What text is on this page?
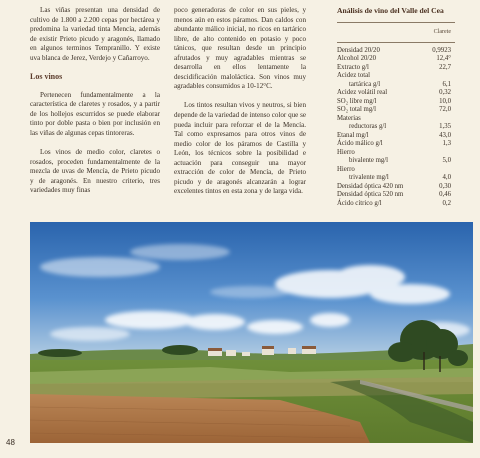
Las viñas presentan una densidad de cultivo de 1.800 a 2.200 cepas por hectárea y predomina la variedad tinta Mencía, además de existir Prieto picudo y aragonés, llamado en algunos terminos Tempranillo. Y existe uva blanca de Jerez, Verdejo y Cañarroyo.

Los vinos

Pertenecen fundamentalmente a la característica de claretes y rosados, y a partir de los hollejos escurridos se puede elaborar tinto por doble pasta o bien por inclusión en las viñas de algunas cepas tintoreras.

Los vinos de medio color, claretes o rosados, proceden fundamentalmente de la mezcla de uvas de Mencía, de Prieto picudo y de aragonés. En nuestro criterio, tres variedades muy finas

poco generadoras de color en sus pieles, y menos aún en estos páramos. Dan caldos con abundante málico inicial, no ricos en tartárico libre, de alto contenido en potasio y poco tánicos, que resultan desde un principio afrutados y muy agradables mientras se desarrolla en ellos lentamente la descidificación maloláctica. Son vinos muy agradables consumidos a 10-12°C.

Los tintos resultan vivos y neutros, si bien depende de la variedad de intenso color que se pueda incluir para reforzar el de la Mencía. Tal como expresamos para otros vinos de medio color de los páramos de Castilla y León, los técnicos sobre la posibilidad e actuación para conseguir una mayor extracción de color de Mencía, de Prieto picudo y de aragonés alcanzarán a lograr excelentes tintos en esta zona y de larga vida.

Análisis de vino del Valle del Cea
Clarete
Densidad 20/20	0,9923
Alcohol 20/20	12,4°
Extracto g/l	22,7
Acidez total
tartárica g/l	6,1
Acidez volátil real	0,32
SO₂ libre mg/l	10,0
SO₂ total mg/l	72,0
Materias
reductoras g/l	1,35
Etanal mg/l	43,0
Ácido málico g/l	1,3
Hierro
bivalente mg/l	5,0
Hierro
trivalente mg/l	4,0
Densidad óptica 420 nm	0,30
Densidad óptica 520 nm	0,46
Ácido cítrico g/l	0,2
48
